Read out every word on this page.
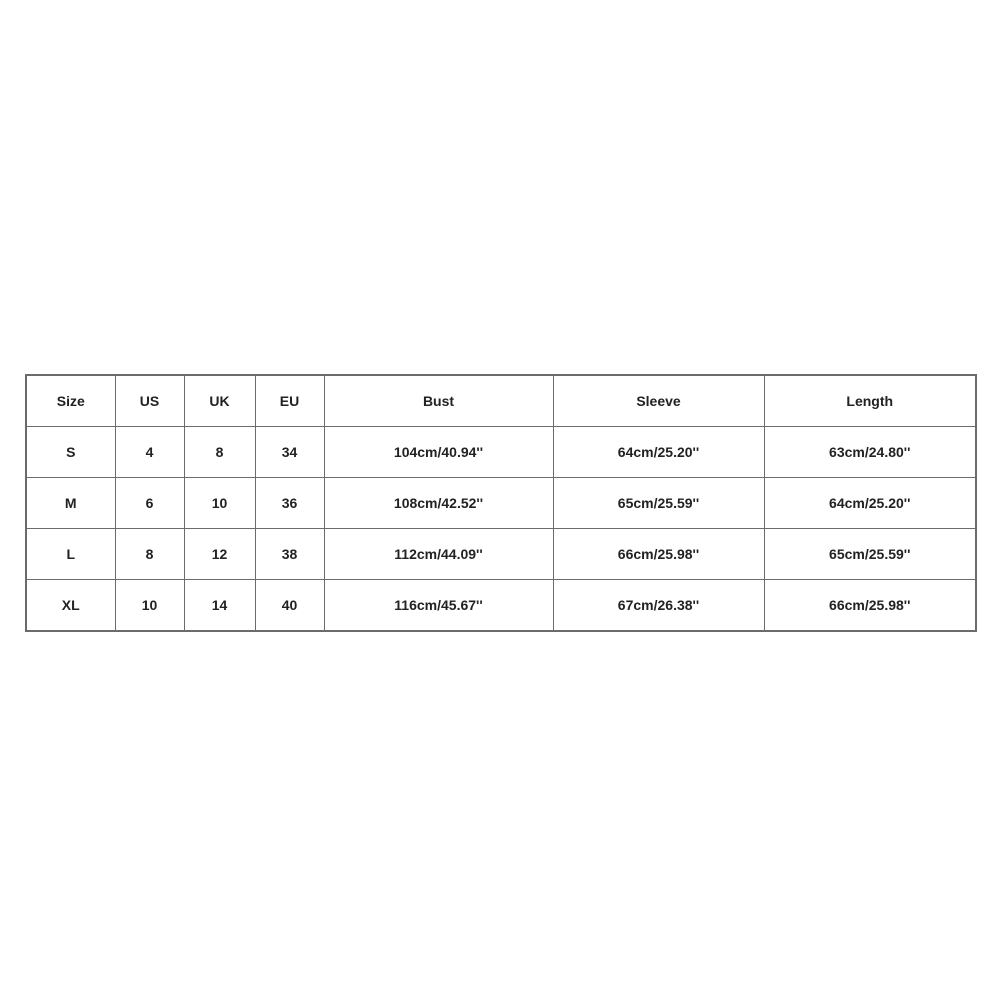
Size	US	UK	EU	Bust	Sleeve	Length
S	4	8	34	104cm/40.94''	64cm/25.20''	63cm/24.80''
M	6	10	36	108cm/42.52''	65cm/25.59''	64cm/25.20''
L	8	12	38	112cm/44.09''	66cm/25.98''	65cm/25.59''
XL	10	14	40	116cm/45.67''	67cm/26.38''	66cm/25.98''
